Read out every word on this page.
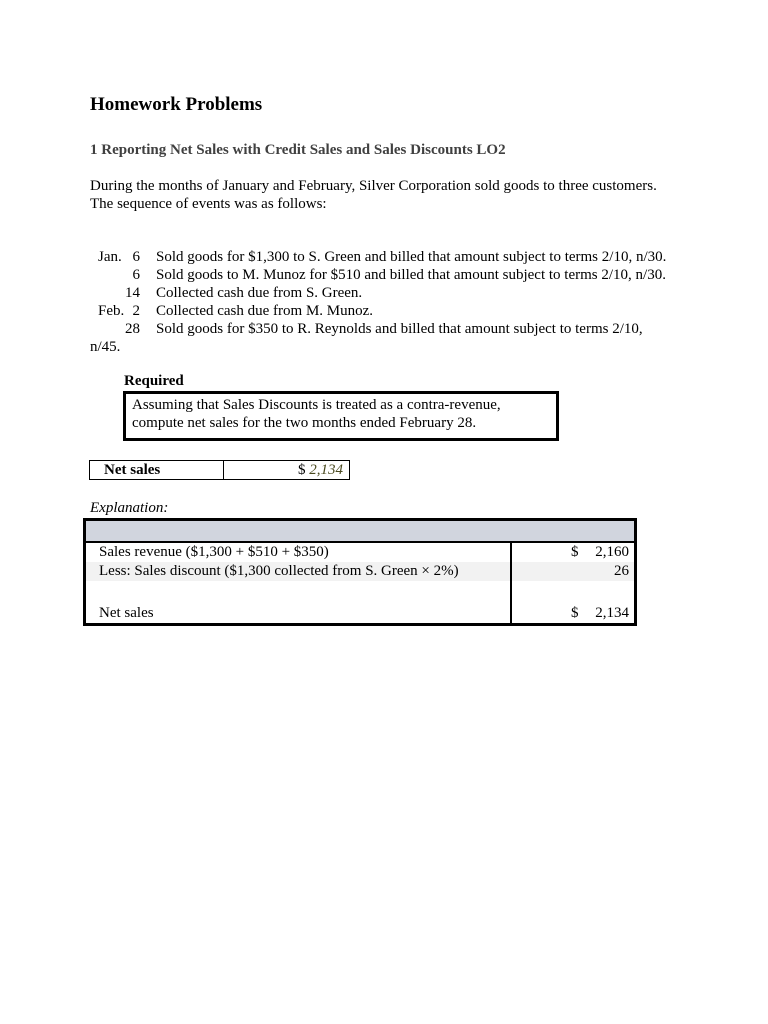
Homework Problems
1 Reporting Net Sales with Credit Sales and Sales Discounts LO2
During the months of January and February, Silver Corporation sold goods to three customers.
The sequence of events was as follows:
Jan. 6 Sold goods for $1,300 to S. Green and billed that amount subject to terms 2/10, n/30.
6 Sold goods to M. Munoz for $510 and billed that amount subject to terms 2/10, n/30.
14 Collected cash due from S. Green.
Feb. 2 Collected cash due from M. Munoz.
28 Sold goods for $350 to R. Reynolds and billed that amount subject to terms 2/10,
n/45.
Required
Assuming that Sales Discounts is treated as a contra-revenue,
compute net sales for the two months ended February 28.
Net sales	$ 2,134
Explanation:
Sales revenue ($1,300 + $510 + $350)	$ 2,160
Less: Sales discount ($1,300 collected from S. Green × 2%)	26
Net sales	$ 2,134
